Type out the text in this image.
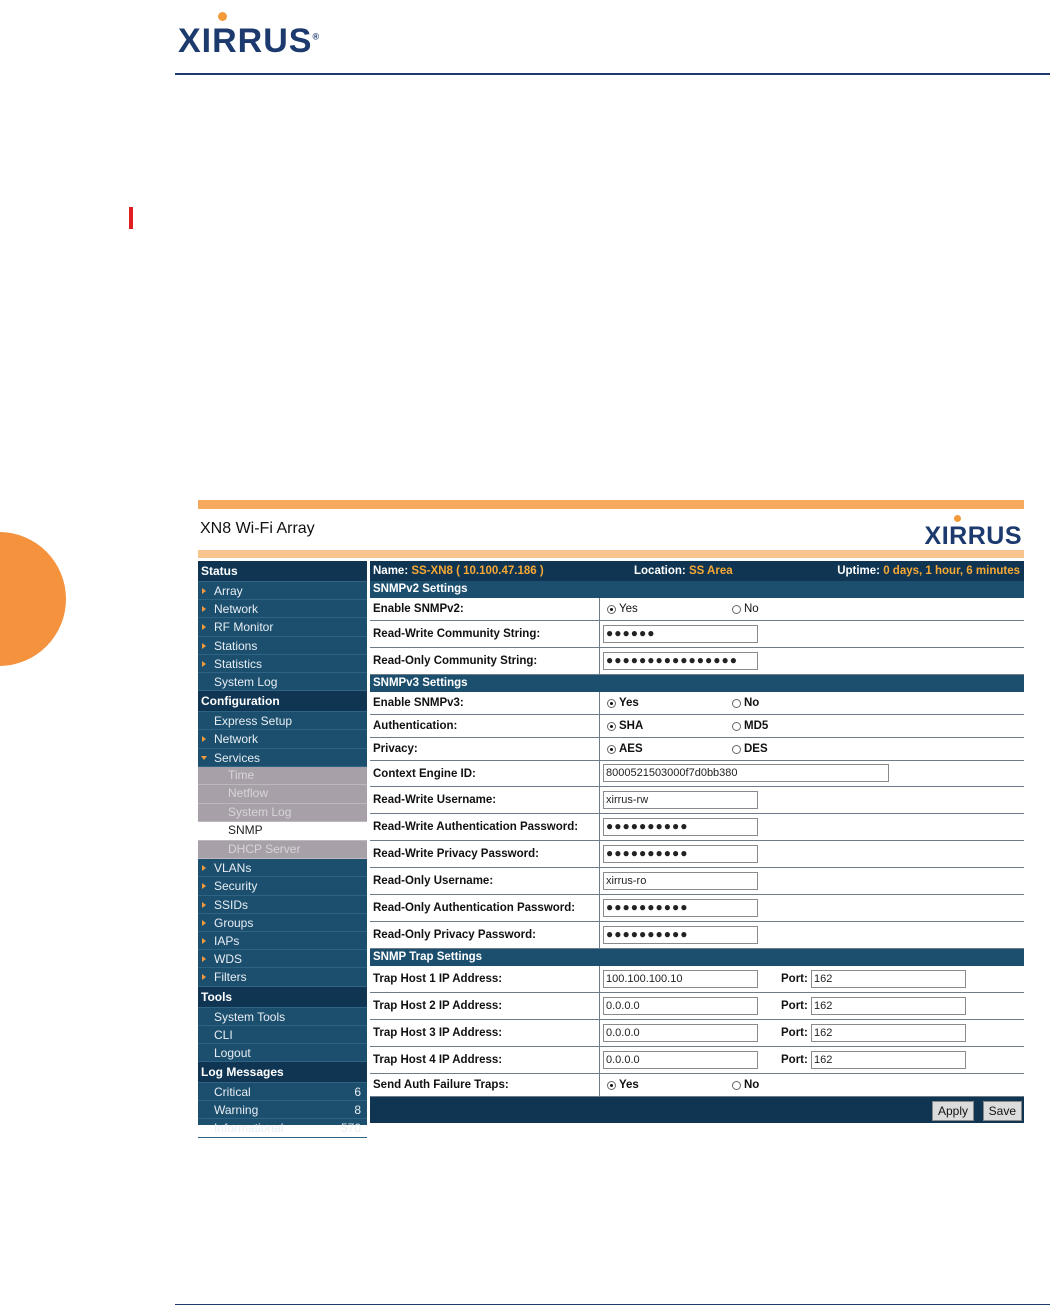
XIRRUS®
XN8 Wi-Fi Array	XIRRUS
Status
Array
Network
RF Monitor
Stations
Statistics
System Log
Configuration
Express Setup
Network
Services
Time
Netflow
System Log
SNMP
DHCP Server
VLANs
Security
SSIDs
Groups
IAPs
WDS
Filters
Tools
System Tools
CLI
Logout
Log Messages
Critical	6
Warning	8
Informational	570
Name: SS-XN8 ( 10.100.47.186 )	Location: SS Area	Uptime: 0 days, 1 hour, 6 minutes
SNMPv2 Settings
Enable SNMPv2:	Yes	No
Read-Write Community String:	●●●●●●
Read-Only Community String:	●●●●●●●●●●●●●●●●
SNMPv3 Settings
Enable SNMPv3:	Yes	No
Authentication:	SHA	MD5
Privacy:	AES	DES
Context Engine ID:	8000521503000f7d0bb380
Read-Write Username:	xirrus-rw
Read-Write Authentication Password: ●●●●●●●●●●
Read-Write Privacy Password:	●●●●●●●●●●
Read-Only Username:	xirrus-ro
Read-Only Authentication Password:	●●●●●●●●●●
Read-Only Privacy Password:	●●●●●●●●●●
SNMP Trap Settings
Trap Host 1 IP Address:	100.100.100.10	Port: 162
Trap Host 2 IP Address:	0.0.0.0	Port: 162
Trap Host 3 IP Address:	0.0.0.0	Port: 162
Trap Host 4 IP Address:	0.0.0.0	Port: 162
Send Auth Failure Traps:	Yes	No
Apply	Save
